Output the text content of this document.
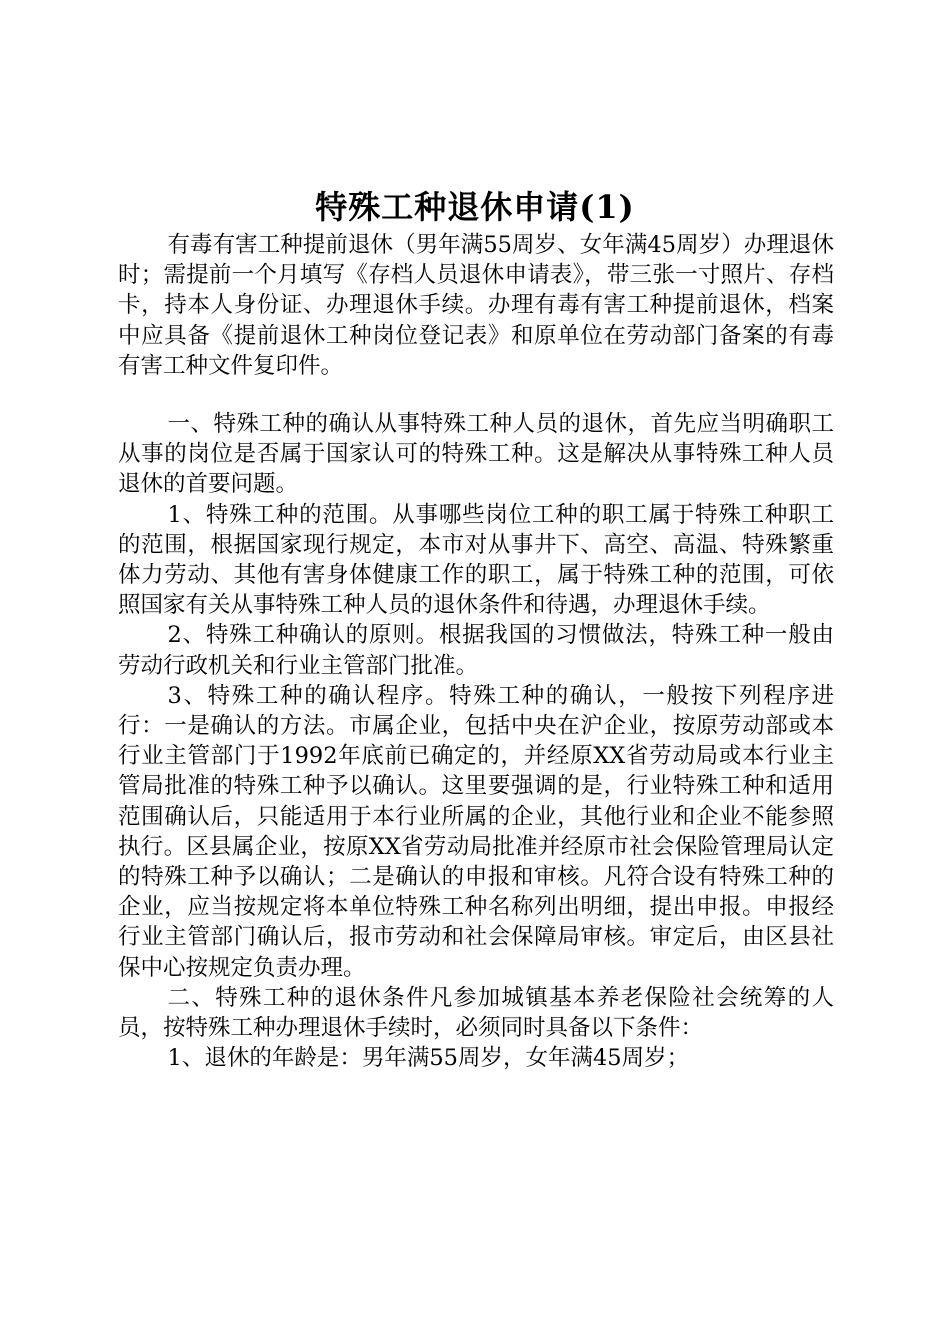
特殊工种退休申请(1)

有毒有害工种提前退休（男年满55周岁、女年满45周岁）办理退休时；需提前一个月填写《存档人员退休申请表》，带三张一寸照片、存档卡，持本人身份证、办理退休手续。办理有毒有害工种提前退休，档案中应具备《提前退休工种岗位登记表》和原单位在劳动部门备案的有毒有害工种文件复印件。

一、特殊工种的确认从事特殊工种人员的退休，首先应当明确职工从事的岗位是否属于国家认可的特殊工种。这是解决从事特殊工种人员退休的首要问题。

1、特殊工种的范围。从事哪些岗位工种的职工属于特殊工种职工的范围，根据国家现行规定，本市对从事井下、高空、高温、特殊繁重体力劳动、其他有害身体健康工作的职工，属于特殊工种的范围，可依照国家有关从事特殊工种人员的退休条件和待遇，办理退休手续。

2、特殊工种确认的原则。根据我国的习惯做法，特殊工种一般由劳动行政机关和行业主管部门批准。

3、特殊工种的确认程序。特殊工种的确认，一般按下列程序进行：一是确认的方法。市属企业，包括中央在沪企业，按原劳动部或本行业主管部门于1992年底前已确定的，并经原XX省劳动局或本行业主管局批准的特殊工种予以确认。这里要强调的是，行业特殊工种和适用范围确认后，只能适用于本行业所属的企业，其他行业和企业不能参照执行。区县属企业，按原XX省劳动局批准并经原市社会保险管理局认定的特殊工种予以确认；二是确认的申报和审核。凡符合设有特殊工种的企业，应当按规定将本单位特殊工种名称列出明细，提出申报。申报经行业主管部门确认后，报市劳动和社会保障局审核。审定后，由区县社保中心按规定负责办理。

二、特殊工种的退休条件凡参加城镇基本养老保险社会统筹的人员，按特殊工种办理退休手续时，必须同时具备以下条件：

1、退休的年龄是：男年满55周岁，女年满45周岁；
